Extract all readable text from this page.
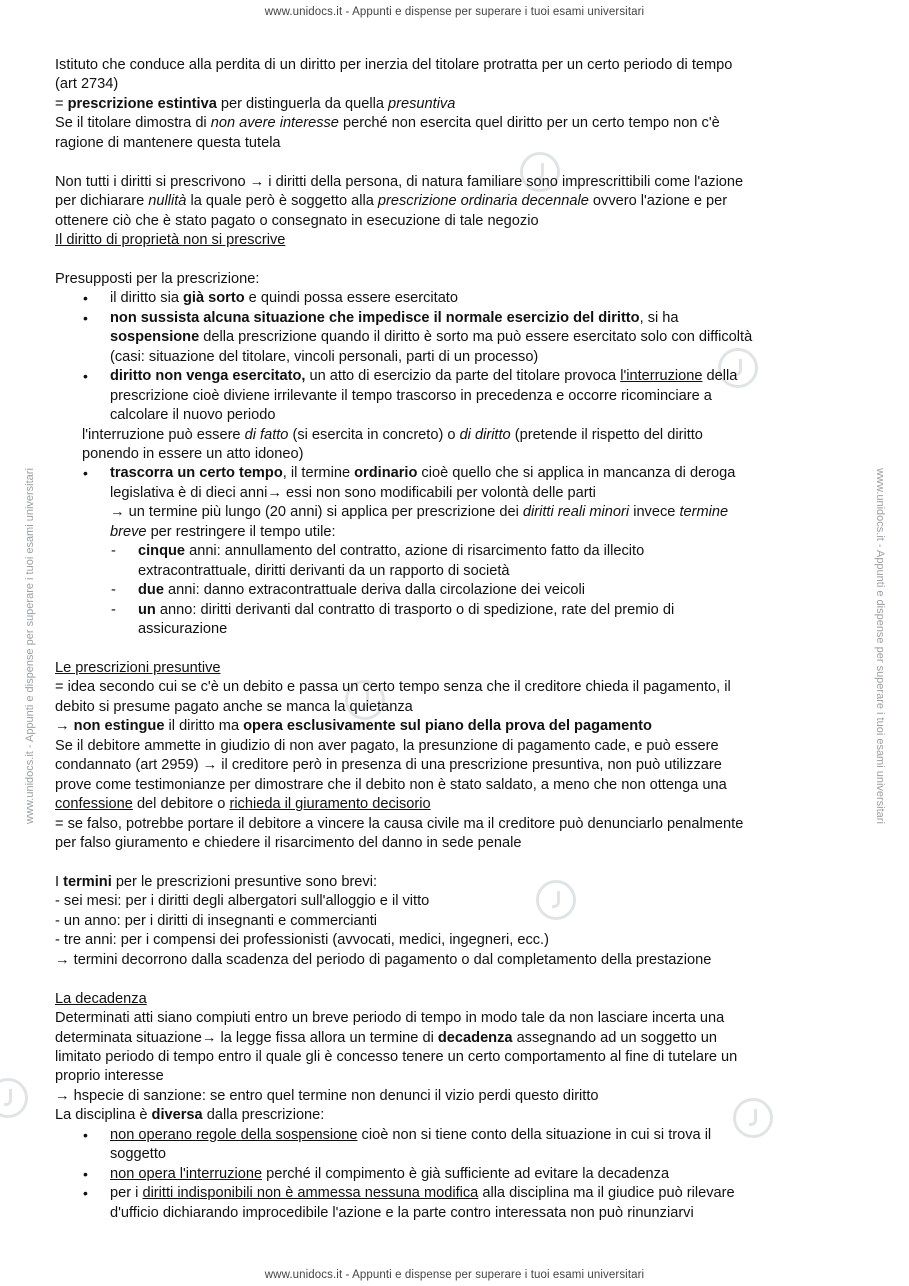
www.unidocs.it - Appunti e dispense per superare i tuoi esami universitari
www.unidocs.it - Appunti e dispense per superare i tuoi esami universitari
www.unidocs.it - Appunti e dispense per superare i tuoi esami universitari	www.unidocs.it - Appunti e dispense per superare i tuoi esami universitari

Istituto che conduce alla perdita di un diritto per inerzia del titolare protratta per un certo periodo di tempo

(art 2734)

= prescrizione estintiva per distinguerla da quella presuntiva

Se il titolare dimostra di non avere interesse perché non esercita quel diritto per un certo tempo non c'è

ragione di mantenere questa tutela

Non tutti i diritti si prescrivono → i diritti della persona, di natura familiare sono imprescrittibili come l'azione

per dichiarare nullità la quale però è soggetto alla prescrizione ordinaria decennale ovvero l'azione e per

ottenere ciò che è stato pagato o consegnato in esecuzione di tale negozio

Il diritto di proprietà non si prescrive

Presupposti per la prescrizione:

• il diritto sia già sorto e quindi possa essere esercitato
• non sussista alcuna situazione che impedisce il normale esercizio del diritto, si ha
sospensione della prescrizione quando il diritto è sorto ma può essere esercitato solo con difficoltà
(casi: situazione del titolare, vincoli personali, parti di un processo)
• diritto non venga esercitato, un atto di esercizio da parte del titolare provoca l'interruzione della
prescrizione cioè diviene irrilevante il tempo trascorso in precedenza e occorre ricominciare a
calcolare il nuovo periodo

l'interruzione può essere di fatto (si esercita in concreto) o di diritto (pretende il rispetto del diritto

ponendo in essere un atto idoneo)

• trascorra un certo tempo, il termine ordinario cioè quello che si applica in mancanza di deroga
legislativa è di dieci anni→ essi non sono modificabili per volontà delle parti
→ un termine più lungo (20 anni) si applica per prescrizione dei diritti reali minori invece termine
breve per restringere il tempo utile:
- cinque anni: annullamento del contratto, azione di risarcimento fatto da illecito
extracontrattuale, diritti derivanti da un rapporto di società
- due anni: danno extracontrattuale deriva dalla circolazione dei veicoli
- un anno: diritti derivanti dal contratto di trasporto o di spedizione, rate del premio di
assicurazione

Le prescrizioni presuntive

= idea secondo cui se c'è un debito e passa un certo tempo senza che il creditore chieda il pagamento, il

debito si presume pagato anche se manca la quietanza

→ non estingue il diritto ma opera esclusivamente sul piano della prova del pagamento

Se il debitore ammette in giudizio di non aver pagato, la presunzione di pagamento cade, e può essere

condannato (art 2959) → il creditore però in presenza di una prescrizione presuntiva, non può utilizzare

prove come testimonianze per dimostrare che il debito non è stato saldato, a meno che non ottenga una

confessione del debitore o richieda il giuramento decisorio

= se falso, potrebbe portare il debitore a vincere la causa civile ma il creditore può denunciarlo penalmente

per falso giuramento e chiedere il risarcimento del danno in sede penale

I termini per le prescrizioni presuntive sono brevi:

- sei mesi: per i diritti degli albergatori sull'alloggio e il vitto

- un anno: per i diritti di insegnanti e commercianti

- tre anni: per i compensi dei professionisti (avvocati, medici, ingegneri, ecc.)

→ termini decorrono dalla scadenza del periodo di pagamento o dal completamento della prestazione

La decadenza

Determinati atti siano compiuti entro un breve periodo di tempo in modo tale da non lasciare incerta una

determinata situazione→ la legge fissa allora un termine di decadenza assegnando ad un soggetto un

limitato periodo di tempo entro il quale gli è concesso tenere un certo comportamento al fine di tutelare un

proprio interesse

→ hspecie di sanzione: se entro quel termine non denunci il vizio perdi questo diritto

La disciplina è diversa dalla prescrizione:

• non operano regole della sospensione cioè non si tiene conto della situazione in cui si trova il
soggetto
• non opera l'interruzione perché il compimento è già sufficiente ad evitare la decadenza
• per i diritti indisponibili non è ammessa nessuna modifica alla disciplina ma il giudice può rilevare
d'ufficio dichiarando improcedibile l'azione e la parte contro interessata non può rinunziarvi
